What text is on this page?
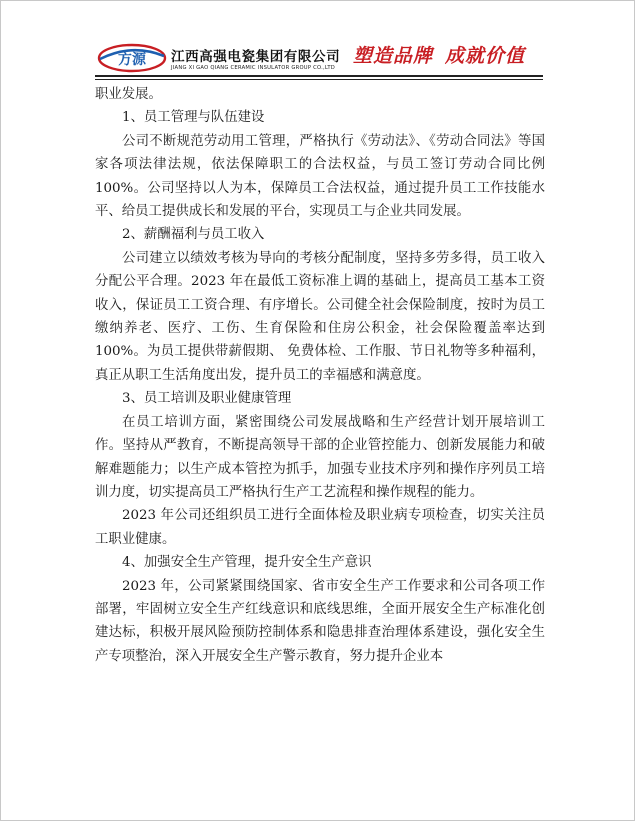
方源 江西高强电瓷集团有限公司
JIANG XI GAO QIANG CERAMIC INSULATOR GROUP CO.,LTD
塑造品牌 成就价值

职业发展。

1、员工管理与队伍建设

公司不断规范劳动用工管理，严格执行《劳动法》、《劳动合同法》等国家各项法律法规，依法保障职工的合法权益，与员工签订劳动合同比例 100%。公司坚持以人为本，保障员工合法权益，通过提升员工工作技能水平、给员工提供成长和发展的平台，实现员工与企业共同发展。

2、薪酬福利与员工收入

公司建立以绩效考核为导向的考核分配制度，坚持多劳多得，员工收入分配公平合理。2023 年在最低工资标准上调的基础上，提高员工基本工资收入，保证员工工资合理、有序增长。公司健全社会保险制度，按时为员工缴纳养老、医疗、工伤、生育保险和住房公积金，社会保险覆盖率达到 100%。为员工提供带薪假期、 免费体检、工作服、节日礼物等多种福利，真正从职工生活角度出发，提升员工的幸福感和满意度。

3、员工培训及职业健康管理

在员工培训方面，紧密围绕公司发展战略和生产经营计划开展培训工作。坚持从严教育，不断提高领导干部的企业管控能力、创新发展能力和破解难题能力；以生产成本管控为抓手，加强专业技术序列和操作序列员工培训力度，切实提高员工严格执行生产工艺流程和操作规程的能力。

2023 年公司还组织员工进行全面体检及职业病专项检查，切实关注员工职业健康。

4、加强安全生产管理，提升安全生产意识

2023 年，公司紧紧围绕国家、省市安全生产工作要求和公司各项工作部署，牢固树立安全生产红线意识和底线思维，全面开展安全生产标准化创建达标，积极开展风险预防控制体系和隐患排查治理体系建设，强化安全生产专项整治，深入开展安全生产警示教育，努力提升企业本
